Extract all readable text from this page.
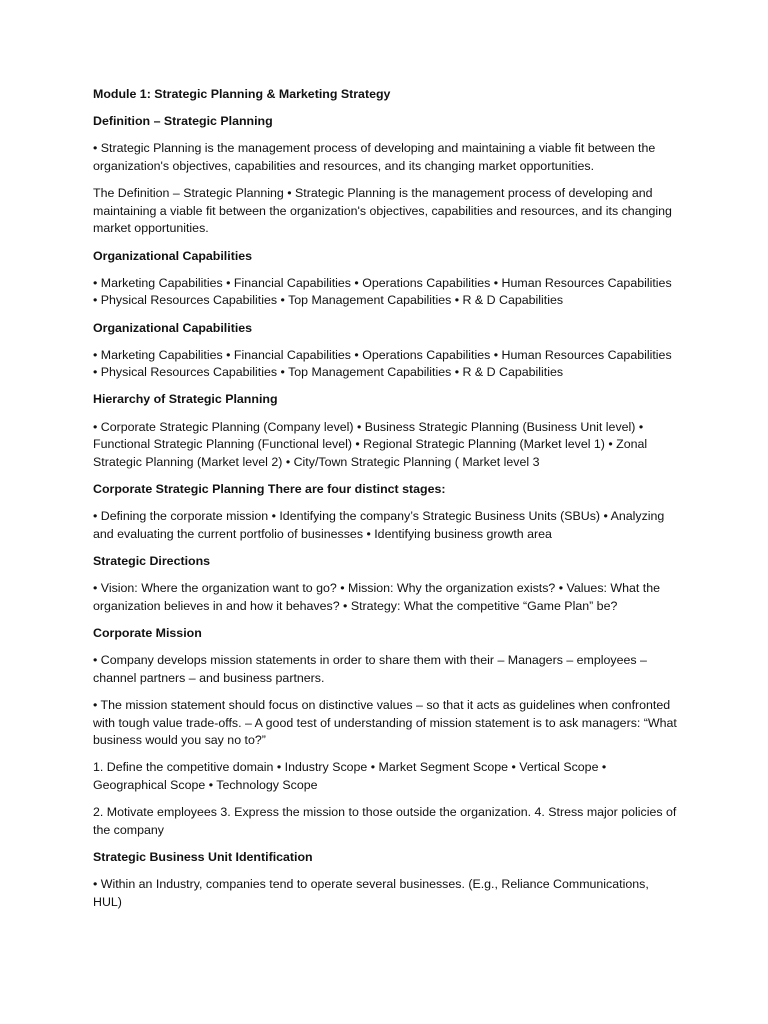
Module 1: Strategic Planning & Marketing Strategy

Definition – Strategic Planning

• Strategic Planning is the management process of developing and maintaining a viable fit between the organization's objectives, capabilities and resources, and its changing market opportunities.

The Definition – Strategic Planning • Strategic Planning is the management process of developing and maintaining a viable fit between the organization's objectives, capabilities and resources, and its changing market opportunities.

Organizational Capabilities

• Marketing Capabilities • Financial Capabilities • Operations Capabilities • Human Resources Capabilities • Physical Resources Capabilities • Top Management Capabilities • R & D Capabilities

Organizational Capabilities

• Marketing Capabilities • Financial Capabilities • Operations Capabilities • Human Resources Capabilities • Physical Resources Capabilities • Top Management Capabilities • R & D Capabilities

Hierarchy of Strategic Planning

• Corporate Strategic Planning (Company level) • Business Strategic Planning (Business Unit level) • Functional Strategic Planning (Functional level) • Regional Strategic Planning (Market level 1) • Zonal Strategic Planning (Market level 2) • City/Town Strategic Planning ( Market level 3

Corporate Strategic Planning There are four distinct stages:

• Defining the corporate mission • Identifying the company’s Strategic Business Units (SBUs) • Analyzing and evaluating the current portfolio of businesses • Identifying business growth area

Strategic Directions

• Vision: Where the organization want to go? • Mission: Why the organization exists? • Values: What the organization believes in and how it behaves? • Strategy: What the competitive “Game Plan” be?

Corporate Mission

• Company develops mission statements in order to share them with their – Managers – employees – channel partners – and business partners.

• The mission statement should focus on distinctive values – so that it acts as guidelines when confronted with tough value trade-offs. – A good test of understanding of mission statement is to ask managers: “What business would you say no to?”

1. Define the competitive domain • Industry Scope • Market Segment Scope • Vertical Scope • Geographical Scope • Technology Scope

2. Motivate employees 3. Express the mission to those outside the organization. 4. Stress major policies of the company

Strategic Business Unit Identification

• Within an Industry, companies tend to operate several businesses. (E.g., Reliance Communications, HUL)
